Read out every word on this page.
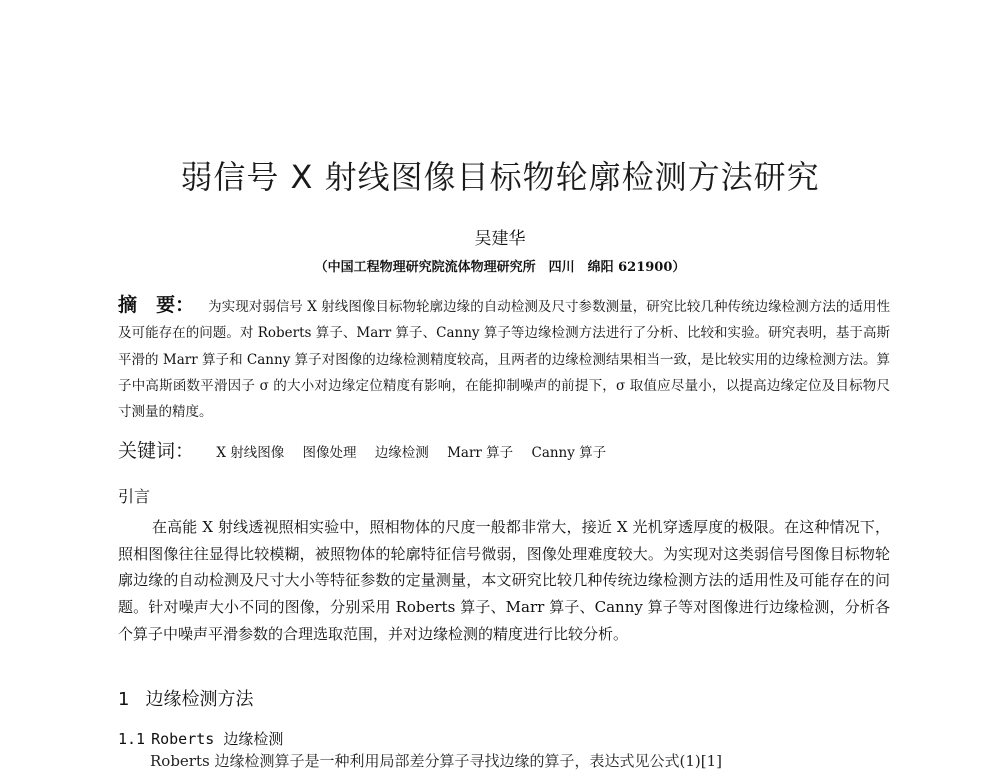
弱信号 X 射线图像目标物轮廓检测方法研究
吴建华
（中国工程物理研究院流体物理研究所　四川　绵阳 621900）
摘　要： 为实现对弱信号 X 射线图像目标物轮廓边缘的自动检测及尺寸参数测量，研究比较几种传统边缘检测方法的适用性及可能存在的问题。对 Roberts 算子、Marr 算子、Canny 算子等边缘检测方法进行了分析、比较和实验。研究表明，基于高斯平滑的 Marr 算子和 Canny 算子对图像的边缘检测精度较高，且两者的边缘检测结果相当一致，是比较实用的边缘检测方法。算子中高斯函数平滑因子 σ 的大小对边缘定位精度有影响，在能抑制噪声的前提下，σ 取值应尽量小，以提高边缘定位及目标物尺寸测量的精度。
关键词： X 射线图像 图像处理 边缘检测 Marr 算子 Canny 算子
引言
在高能 X 射线透视照相实验中，照相物体的尺度一般都非常大，接近 X 光机穿透厚度的极限。在这种情况下，照相图像往往显得比较模糊，被照物体的轮廓特征信号微弱，图像处理难度较大。为实现对这类弱信号图像目标物轮廓边缘的自动检测及尺寸大小等特征参数的定量测量，本文研究比较几种传统边缘检测方法的适用性及可能存在的问题。针对噪声大小不同的图像，分别采用 Roberts 算子、Marr 算子、Canny 算子等对图像进行边缘检测，分析各个算子中噪声平滑参数的合理选取范围，并对边缘检测的精度进行比较分析。
1 边缘检测方法
1.1 Roberts 边缘检测
Roberts 边缘检测算子是一种利用局部差分算子寻找边缘的算子，表达式见公式(1)[1]
